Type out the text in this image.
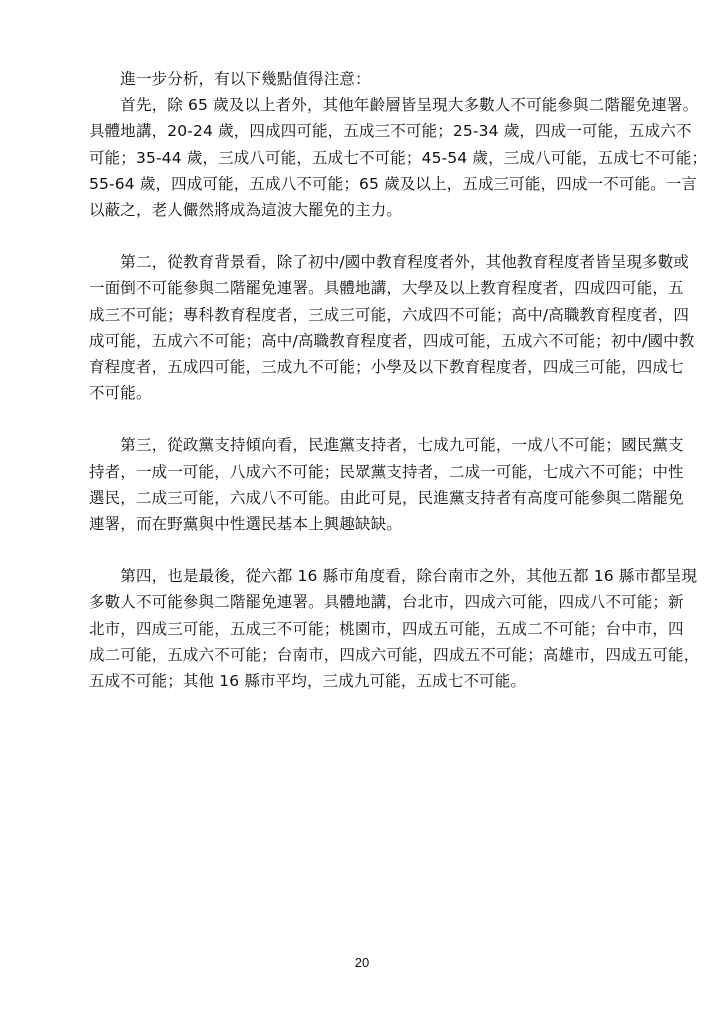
　　進一步分析，有以下幾點值得注意：

　　首先，除 65 歲及以上者外，其他年齡層皆呈現大多數人不可能參與二階罷免連署。
具體地講，20-24 歲，四成四可能，五成三不可能；25-34 歲，四成一可能，五成六不
可能；35-44 歲，三成八可能，五成七不可能；45-54 歲，三成八可能，五成七不可能；
55-64 歲，四成可能，五成八不可能；65 歲及以上，五成三可能，四成一不可能。一言
以蔽之，老人儼然將成為這波大罷免的主力。

　　第二，從教育背景看，除了初中/國中教育程度者外，其他教育程度者皆呈現多數或
一面倒不可能參與二階罷免連署。具體地講，大學及以上教育程度者，四成四可能，五
成三不可能；專科教育程度者，三成三可能，六成四不可能；高中/高職教育程度者，四
成可能，五成六不可能；高中/高職教育程度者，四成可能，五成六不可能；初中/國中教
育程度者，五成四可能，三成九不可能；小學及以下教育程度者，四成三可能，四成七
不可能。

　　第三，從政黨支持傾向看，民進黨支持者，七成九可能，一成八不可能；國民黨支
持者，一成一可能，八成六不可能；民眾黨支持者，二成一可能，七成六不可能；中性
選民，二成三可能，六成八不可能。由此可見，民進黨支持者有高度可能參與二階罷免
連署，而在野黨與中性選民基本上興趣缺缺。

　　第四，也是最後，從六都 16 縣市角度看，除台南市之外，其他五都 16 縣市都呈現
多數人不可能參與二階罷免連署。具體地講，台北市，四成六可能，四成八不可能；新
北市，四成三可能，五成三不可能；桃園市，四成五可能，五成二不可能；台中市，四
成二可能，五成六不可能；台南市，四成六可能，四成五不可能；高雄市，四成五可能，
五成不可能；其他 16 縣市平均，三成九可能，五成七不可能。

20
